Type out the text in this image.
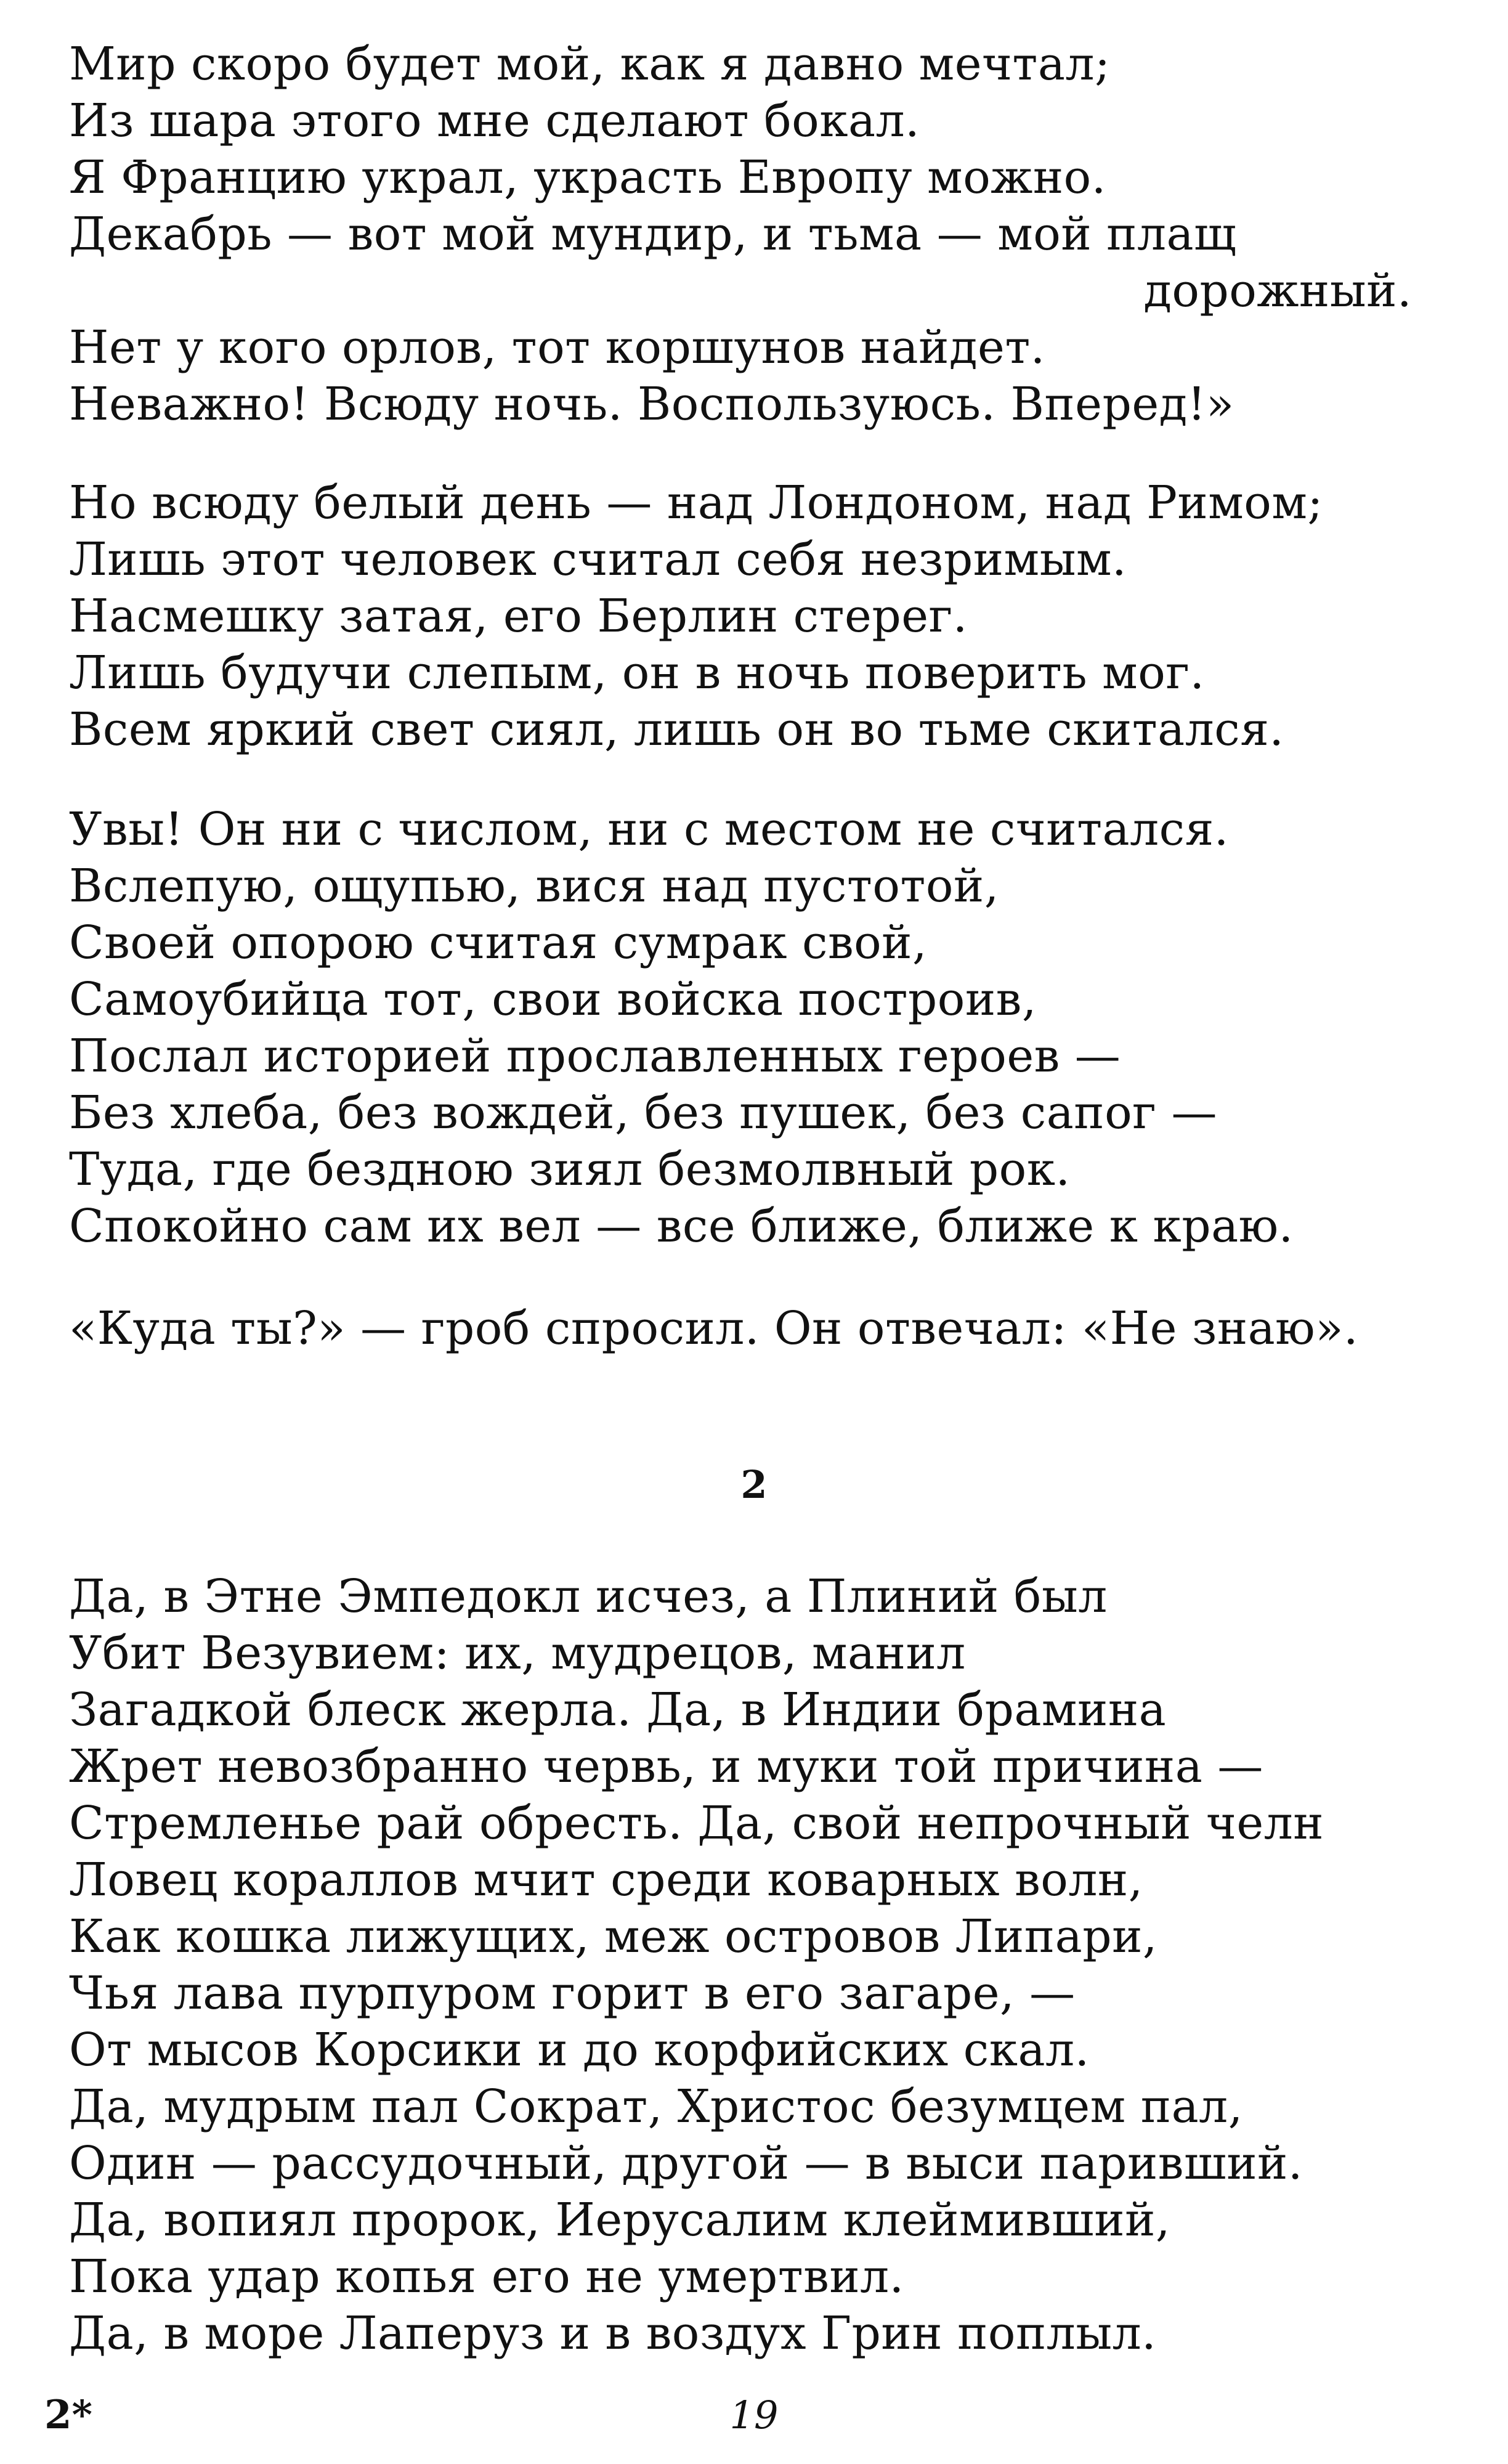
Мир скоро будет мой, как я давно мечтал;
Из шара этого мне сделают бокал.
Я Францию украл, украсть Европу можно.
Декабрь — вот мой мундир, и тьма — мой плащ
дорожный.
Нет у кого орлов, тот коршунов найдет.
Неважно! Всюду ночь. Воспользуюсь. Вперед!»
Но всюду белый день — над Лондоном, над Римом;
Лишь этот человек считал себя незримым.
Насмешку затая, его Берлин стерег.
Лишь будучи слепым, он в ночь поверить мог.
Всем яркий свет сиял, лишь он во тьме скитался.
Увы! Он ни с числом, ни с местом не считался.
Вслепую, ощупью, вися над пустотой,
Своей опорою считая сумрак свой,
Самоубийца тот, свои войска построив,
Послал историей прославленных героев —
Без хлеба, без вождей, без пушек, без сапог —
Туда, где бездною зиял безмолвный рок.
Спокойно сам их вел — все ближе, ближе к краю.
«Куда ты?» — гроб спросил. Он отвечал: «Не знаю».
2
Да, в Этне Эмпедокл исчез, а Плиний был
Убит Везувием: их, мудрецов, манил
Загадкой блеск жерла. Да, в Индии брамина
Жрет невозбранно червь, и муки той причина —
Стремленье рай обресть. Да, свой непрочный челн
Ловец кораллов мчит среди коварных волн,
Как кошка лижущих, меж островов Липари,
Чья лава пурпуром горит в его загаре, —
От мысов Корсики и до корфийских скал.
Да, мудрым пал Сократ, Христос безумцем пал,
Один — рассудочный, другой — в выси паривший.
Да, вопиял пророк, Иерусалим клеймивший,
Пока удар копья его не умертвил.
Да, в море Лаперуз и в воздух Грин поплыл.
2*	19
